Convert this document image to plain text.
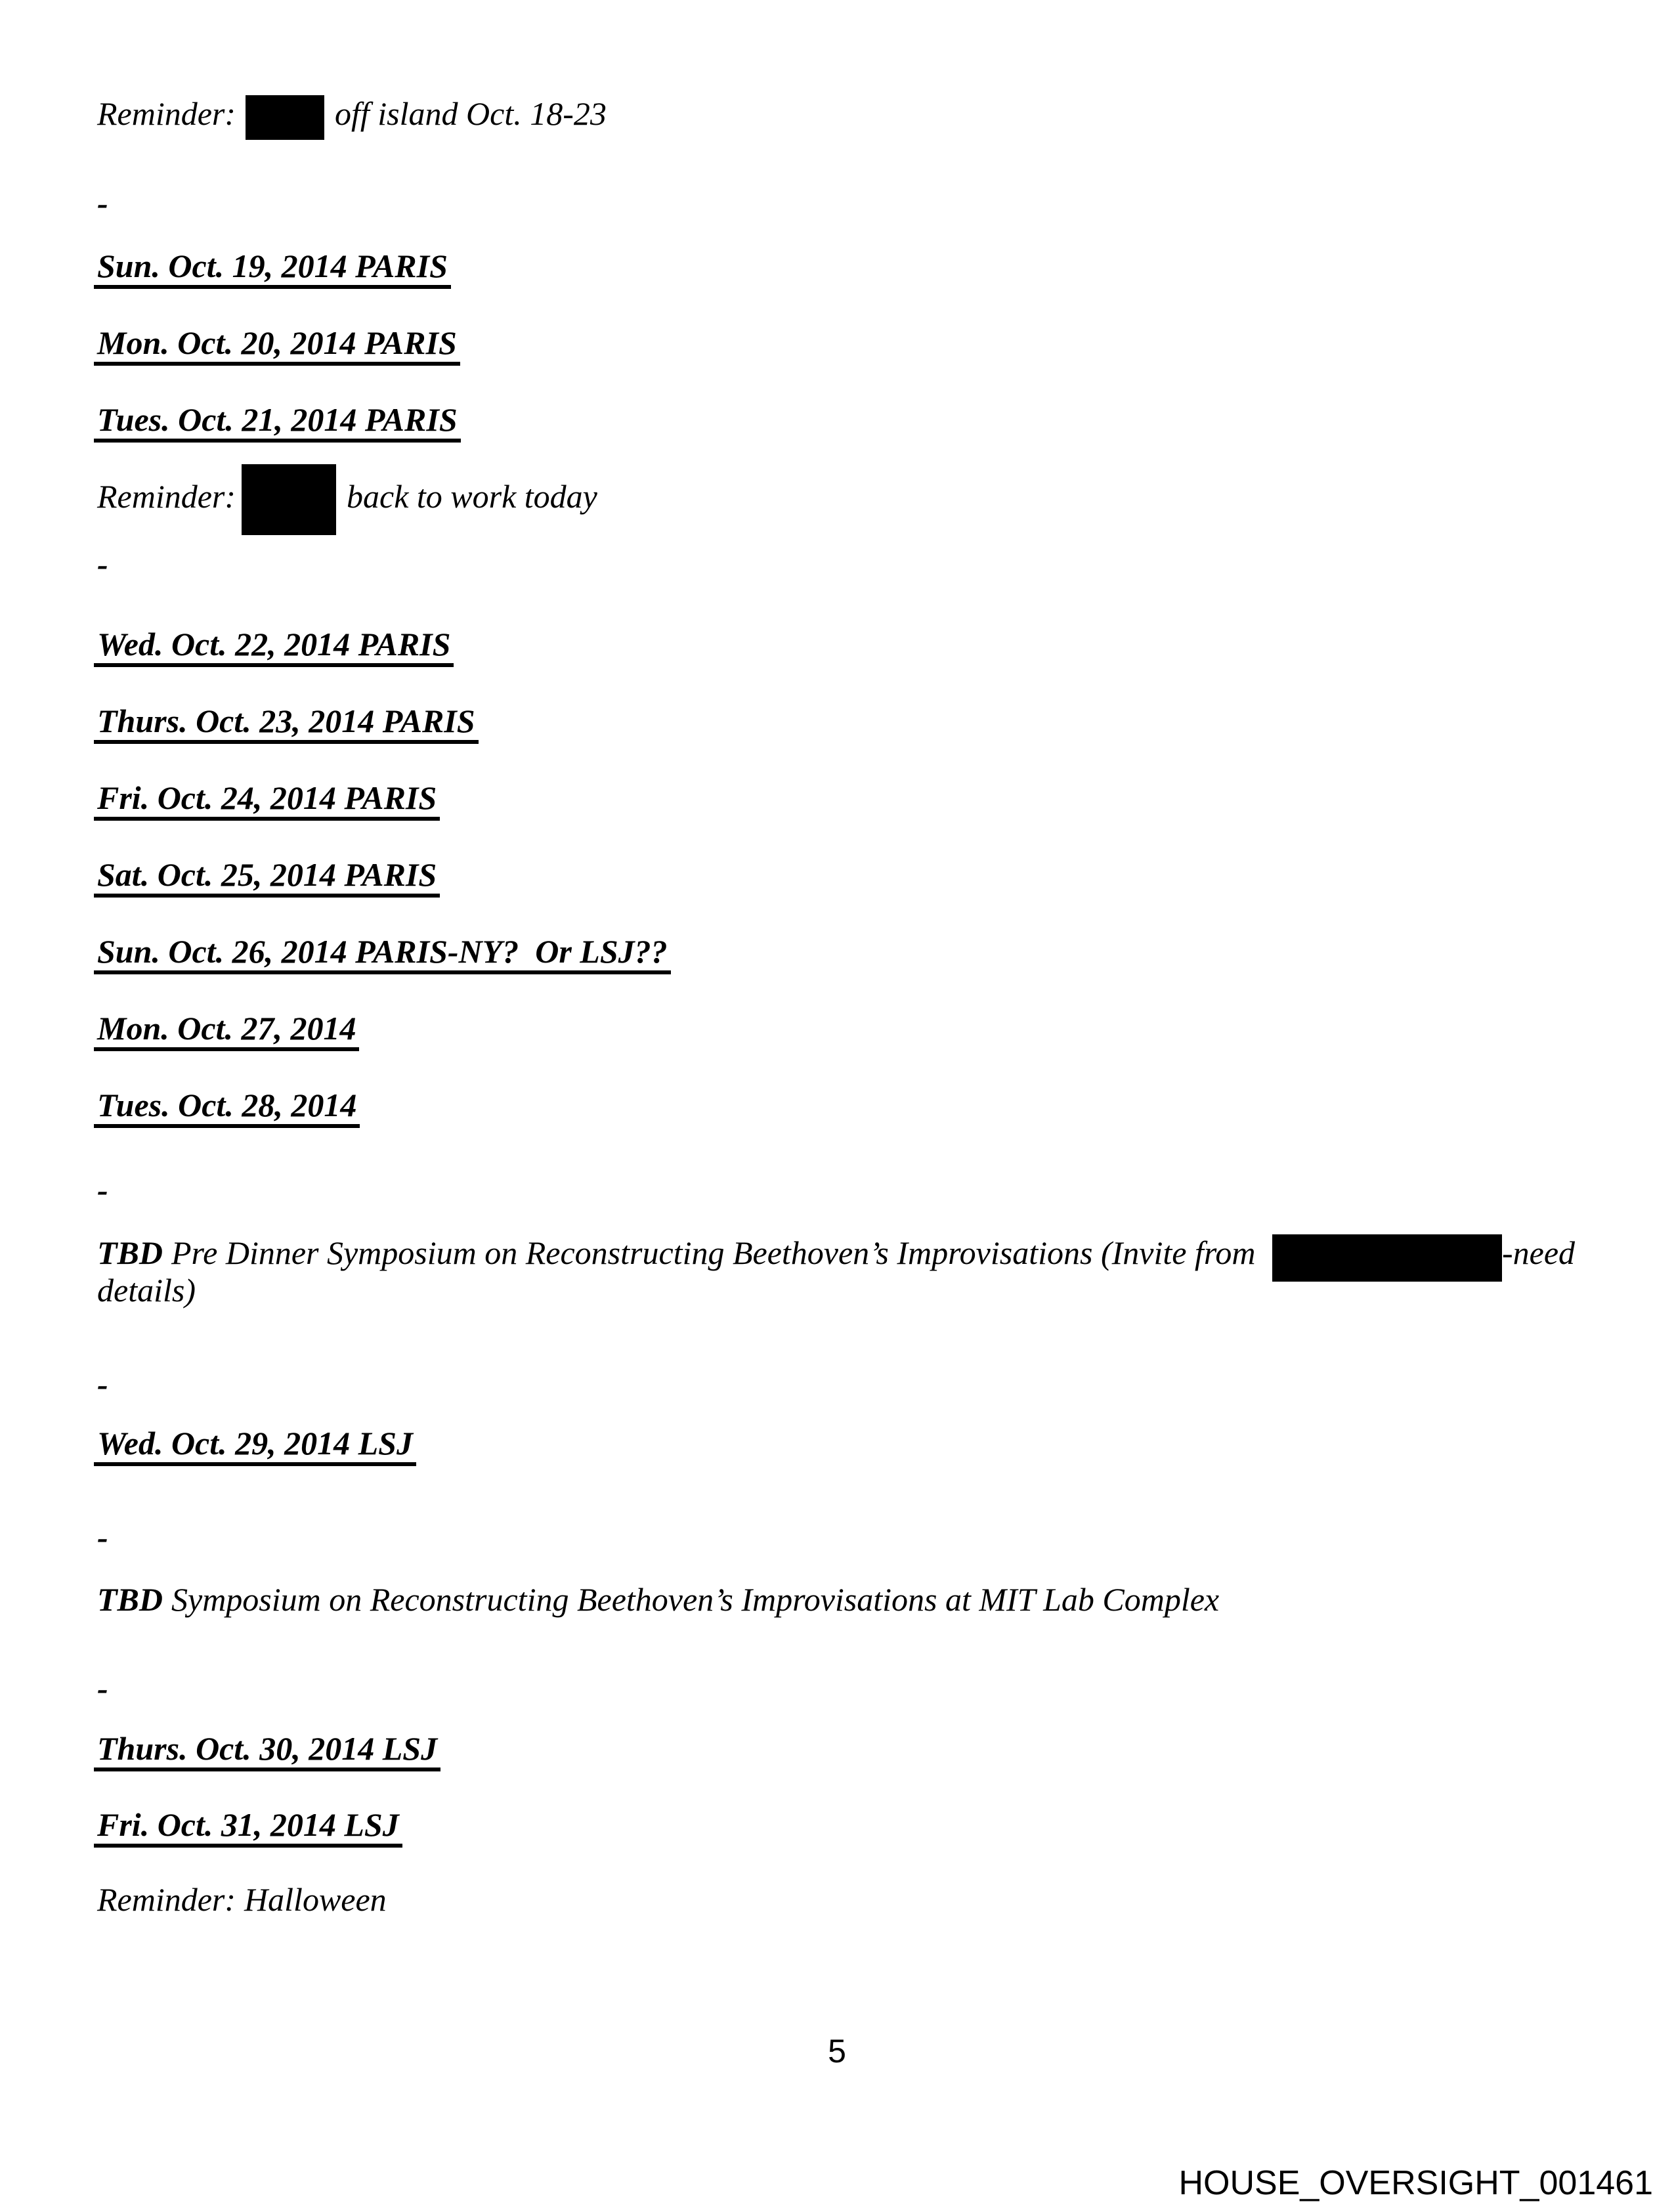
Reminder:	off island Oct. 18-23
-
Sun. Oct. 19, 2014 PARIS
Mon. Oct. 20, 2014 PARIS
Tues. Oct. 21, 2014 PARIS
Reminder:	back to work today
-
Wed. Oct. 22, 2014 PARIS
Thurs. Oct. 23, 2014 PARIS
Fri. Oct. 24, 2014 PARIS
Sat. Oct. 25, 2014 PARIS
Sun. Oct. 26, 2014 PARIS-NY?  Or LSJ??
Mon. Oct. 27, 2014
Tues. Oct. 28, 2014
-
TBD Pre Dinner Symposium on Reconstructing Beethoven’s Improvisations (Invite from	-need
details)
-
Wed. Oct. 29, 2014 LSJ
-
TBD Symposium on Reconstructing Beethoven’s Improvisations at MIT Lab Complex
-
Thurs. Oct. 30, 2014 LSJ
Fri. Oct. 31, 2014 LSJ
Reminder: Halloween
5
HOUSE_OVERSIGHT_001461
